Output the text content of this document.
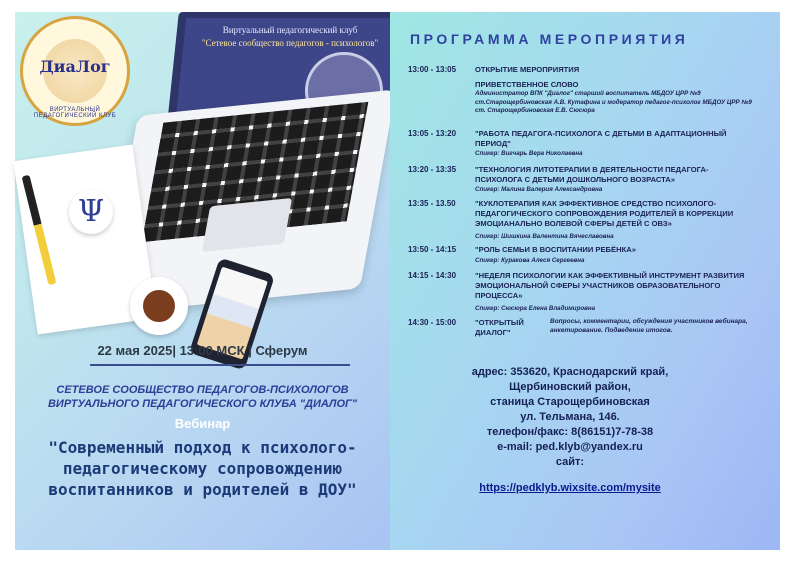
Виртуальный педагогический клуб
"Сетевое сообщество педагогов - психологов"
Ψ
ДиаЛог
ВИРТУАЛЬНЫЙ ПЕДАГОГИЧЕСКИЙ КЛУБ
22 мая 2025| 13:00 МСК | Сферум
СЕТЕВОЕ СООБЩЕСТВО ПЕДАГОГОВ-ПСИХОЛОГОВ
ВИРТУАЛЬНОГО ПЕДАГОГИЧЕСКОГО КЛУБА "ДИАЛОГ"
Вебинар
"Современный подход к психолого-педагогическому сопровождению воспитанников и родителей в ДОУ"
ПРОГРАММА МЕРОПРИЯТИЯ
13:00 - 13:05 ОТКРЫТИЕ МЕРОПРИЯТИЯ
ПРИВЕТСТВЕННОЕ СЛОВО
Администратор ВПК "Диалог" старший воспитатель МБДОУ ЦРР №9 ст.Старощербиновская А.В. Кутафина и модератор педагог-психолог МБДОУ ЦРР №9 ст. Старощербиновская Е.В. Сюсюра
13:05 - 13:20 "РАБОТА ПЕДАГОГА-ПСИХОЛОГА С ДЕТЬМИ В АДАПТАЦИОННЫЙ ПЕРИОД"
Спикер: Вигчарь Вера Николаевна
13:20 - 13:35 "ТЕХНОЛОГИЯ ЛИТОТЕРАПИИ В ДЕЯТЕЛЬНОСТИ ПЕДАГОГА-ПСИХОЛОГА С ДЕТЬМИ ДОШКОЛЬНОГО ВОЗРАСТА»
Спикер: Малина Валерия Александровна
13:35 - 13.50	"КУКЛОТЕРАПИЯ КАК ЭФФЕКТИВНОЕ СРЕДСТВО ПСИХОЛОГО-ПЕДАГОГИЧЕСКОГО СОПРОВОЖДЕНИЯ РОДИТЕЛЕЙ В КОРРЕКЦИИ ЭМОЦИАНАЛЬНО ВОЛЕВОЙ СФЕРЫ ДЕТЕЙ С ОВЗ»
Спикер: Шишкина Валентина Вячеславовна
13:50 - 14:15 "РОЛЬ СЕМЬИ В ВОСПИТАНИИ РЕБЁНКА»
Спикер: Куракова Алеся Сергеевна
14:15 - 14:30 "НЕДЕЛЯ ПСИХОЛОГИИ КАК ЭФФЕКТИВНЫЙ ИНСТРУМЕНТ РАЗВИТИЯ ЭМОЦИОНАЛЬНОЙ СФЕРЫ УЧАСТНИКОВ ОБРАЗОВАТЕЛЬНОГО ПРОЦЕССА»
Спикер: Сюсюра Елена Владимировна
14:30 - 15:00 "ОТКРЫТЫЙ ДИАЛОГ"
Вопросы, комментарии, обсуждения участников вебинара, анкетирование. Подведение итогов.
адрес: 353620, Краснодарский край,
Щербиновский район,
станица Старощербиновская
ул. Тельмана, 146.
телефон/факс: 8(86151)7-78-38
e-mail: ped.klyb@yandex.ru
сайт:
https://pedklyb.wixsite.com/mysite
